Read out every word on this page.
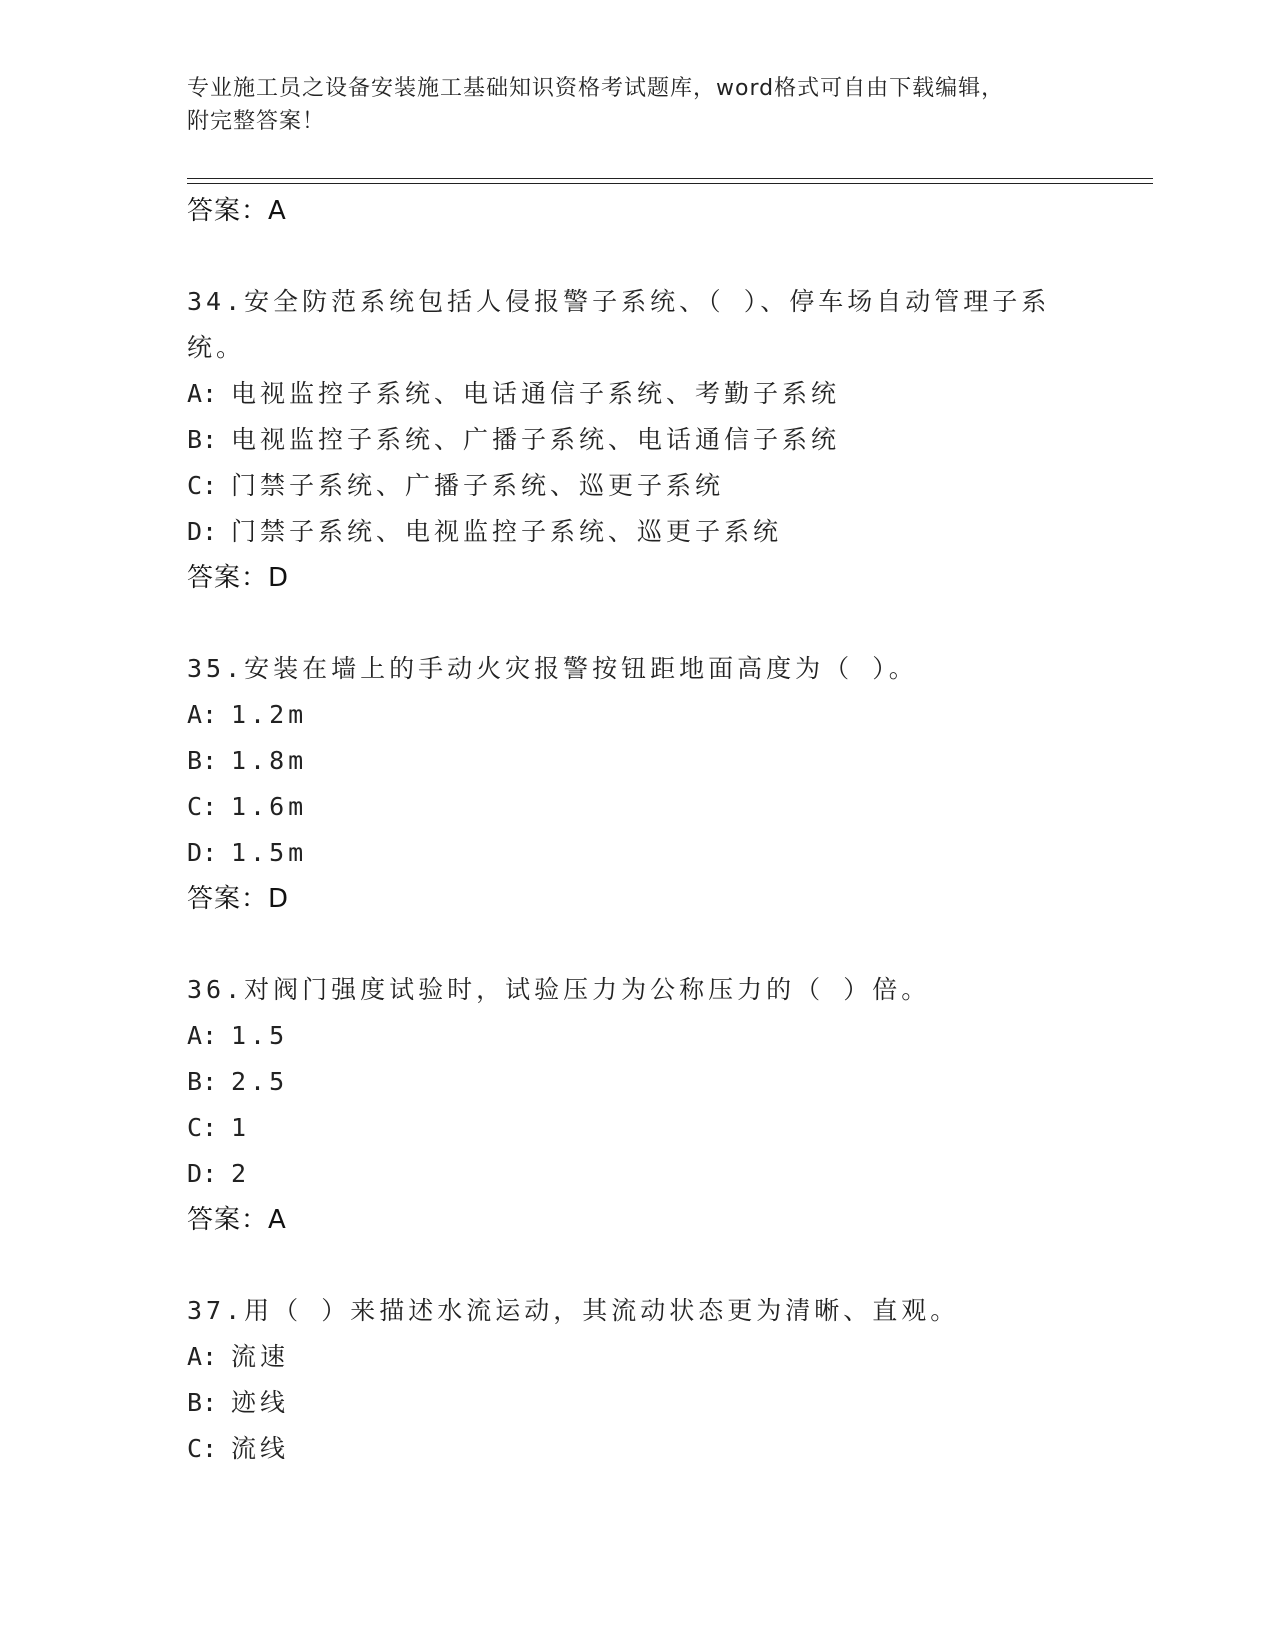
专业施工员之设备安装施工基础知识资格考试题库，word格式可自由下载编辑，
附完整答案！
答案：A
34.安全防范系统包括人侵报警子系统、（ ）、停车场自动管理子系统。
A: 电视监控子系统、电话通信子系统、考勤子系统
B: 电视监控子系统、广播子系统、电话通信子系统
C: 门禁子系统、广播子系统、巡更子系统
D: 门禁子系统、电视监控子系统、巡更子系统
答案：D
35.安装在墙上的手动火灾报警按钮距地面高度为（ ）。
A: 1.2m
B: 1.8m
C: 1.6m
D: 1.5m
答案：D
36.对阀门强度试验时，试验压力为公称压力的（ ）倍。
A: 1.5
B: 2.5
C: 1
D: 2
答案：A
37.用（ ）来描述水流运动，其流动状态更为清晰、直观。
A: 流速
B: 迹线
C: 流线
